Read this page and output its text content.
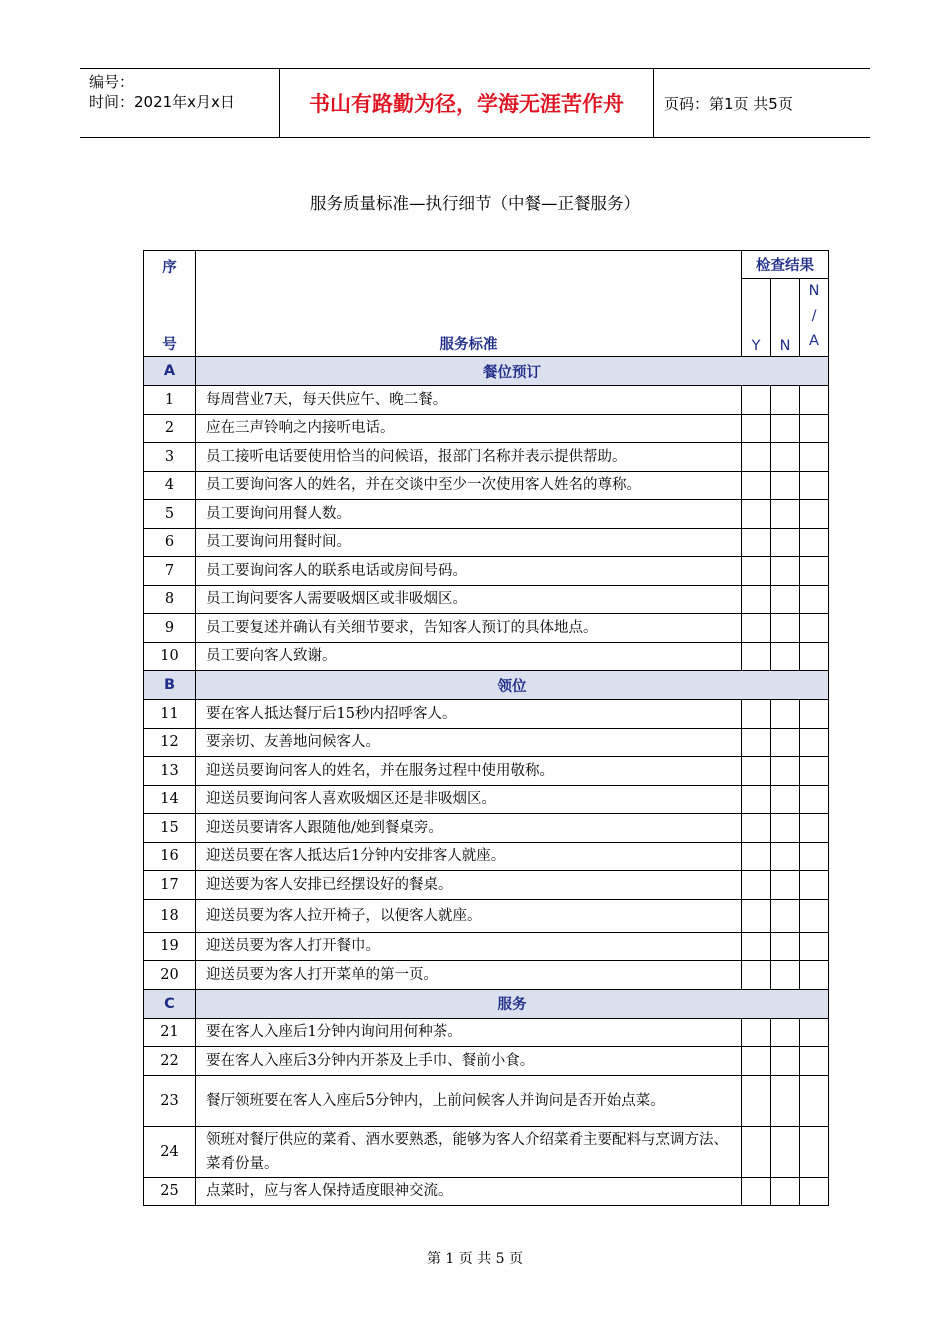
编号：
时间：2021年x月x日	书山有路勤为径，学海无涯苦作舟	页码：第1页 共5页
服务质量标准—执行细节（中餐—正餐服务）
序
号	服务标准	检查结果		
		Y	N	N
/
A

A	餐位预订			
1	每周营业7天，每天供应午、晚二餐。			
2	应在三声铃响之内接听电话。			
3	员工接听电话要使用恰当的问候语，报部门名称并表示提供帮助。			
4	员工要询问客人的姓名，并在交谈中至少一次使用客人姓名的尊称。			
5	员工要询问用餐人数。			
6	员工要询问用餐时间。			
7	员工要询问客人的联系电话或房间号码。			
8	员工询问要客人需要吸烟区或非吸烟区。			
9	员工要复述并确认有关细节要求，告知客人预订的具体地点。			
10	员工要向客人致谢。			
B	领位			
11	要在客人抵达餐厅后15秒内招呼客人。			
12	要亲切、友善地问候客人。			
13	迎送员要询问客人的姓名，并在服务过程中使用敬称。			
14	迎送员要询问客人喜欢吸烟区还是非吸烟区。			
15	迎送员要请客人跟随他/她到餐桌旁。			
16	迎送员要在客人抵达后1分钟内安排客人就座。			
17	迎送要为客人安排已经摆设好的餐桌。			
18	迎送员要为客人拉开椅子，以便客人就座。			
19	迎送员要为客人打开餐巾。			
20	迎送员要为客人打开菜单的第一页。			
C	服务			
21	要在客人入座后1分钟内询问用何种茶。			
22	要在客人入座后3分钟内开茶及上手巾、餐前小食。			
23	餐厅领班要在客人入座后5分钟内，上前问候客人并询问是否开始点菜。			
24	领班对餐厅供应的菜肴、酒水要熟悉，能够为客人介绍菜肴主要配料与烹调方法、菜肴份量。			
25	点菜时，应与客人保持适度眼神交流。			
第 1 页 共 5 页
